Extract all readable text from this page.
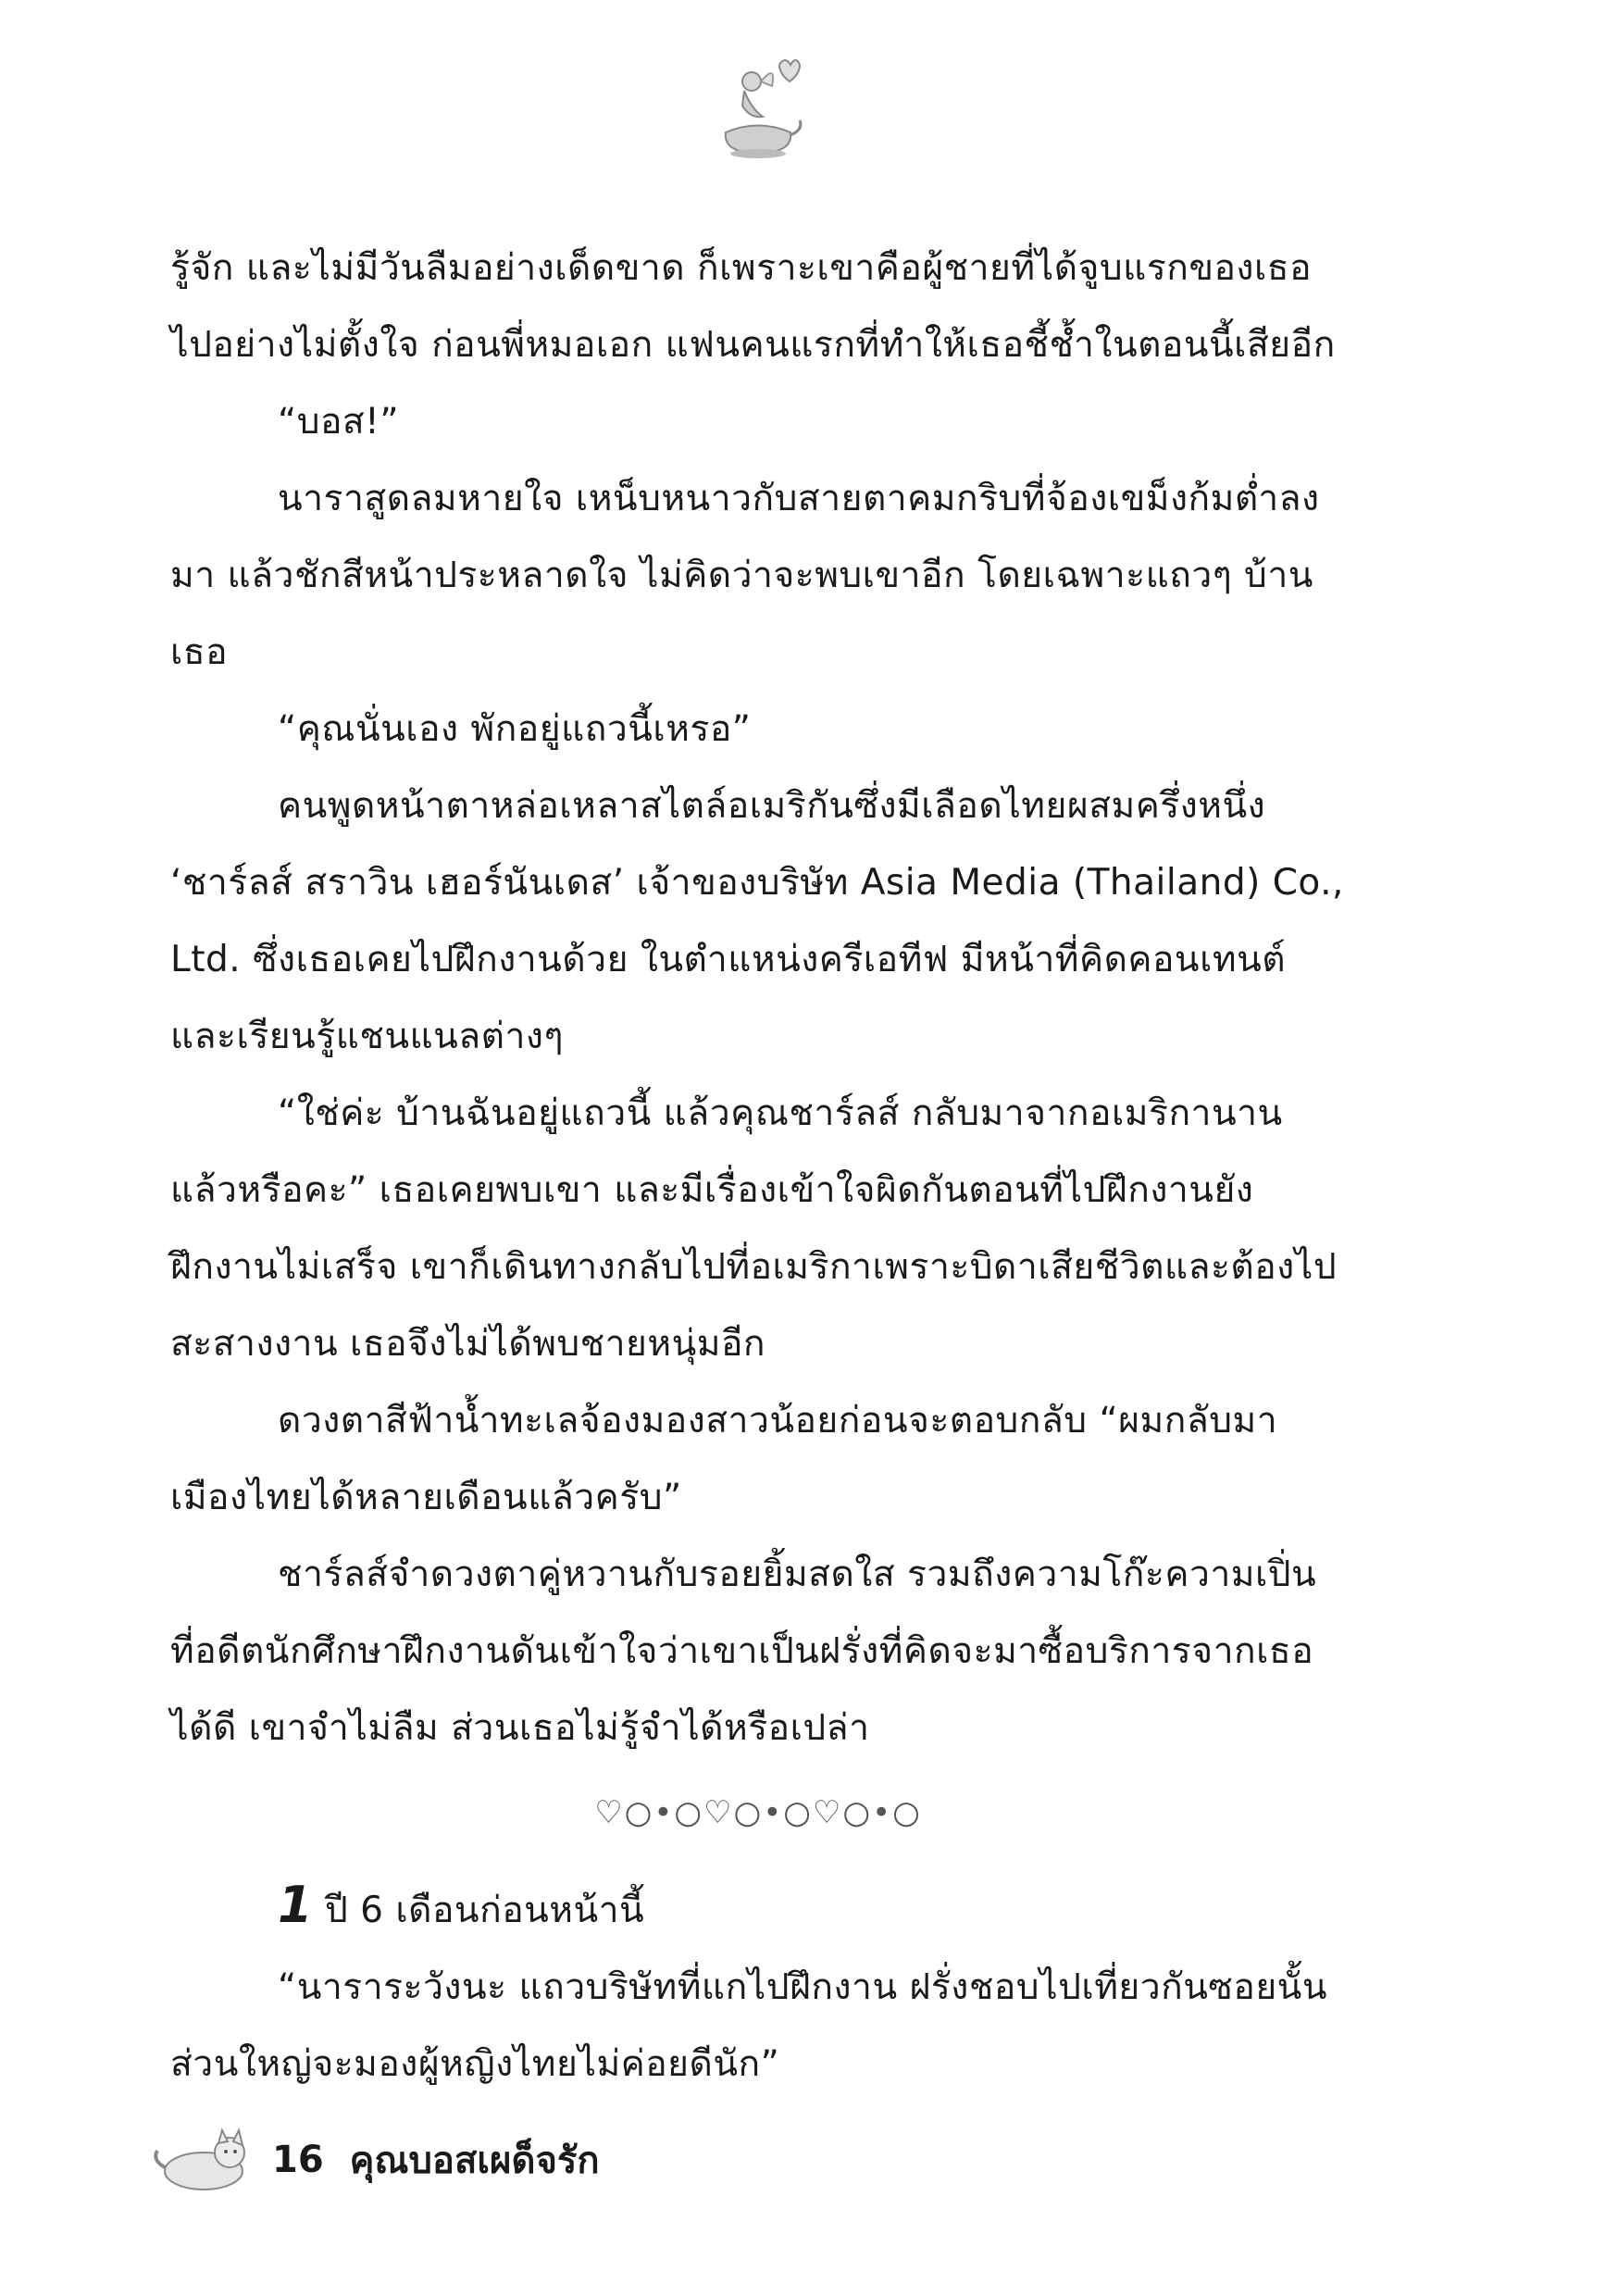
รู้จัก และไม่มีวันลืมอย่างเด็ดขาด ก็เพราะเขาคือผู้ชายที่ได้จูบแรกของเธอไปอย่างไม่ตั้งใจ ก่อนพี่หมอเอก แฟนคนแรกที่ทำให้เธอชี้ช้ำในตอนนี้เสียอีก

“บอส!”

นาราสูดลมหายใจ เหน็บหนาวกับสายตาคมกริบที่จ้องเขม็งก้มต่ำลงมา แล้วชักสีหน้าประหลาดใจ ไม่คิดว่าจะพบเขาอีก โดยเฉพาะแถวๆ บ้านเธอ

“คุณนั่นเอง พักอยู่แถวนี้เหรอ”

คนพูดหน้าตาหล่อเหลาสไตล์อเมริกันซึ่งมีเลือดไทยผสมครึ่งหนึ่ง ‘ชาร์ลส์ สราวิน เฮอร์นันเดส’ เจ้าของบริษัท Asia Media (Thailand) Co., Ltd. ซึ่งเธอเคยไปฝึกงานด้วย ในตำแหน่งครีเอทีฟ มีหน้าที่คิดคอนเทนต์และเรียนรู้แชนแนลต่างๆ

“ใช่ค่ะ บ้านฉันอยู่แถวนี้ แล้วคุณชาร์ลส์ กลับมาจากอเมริกานานแล้วหรือคะ” เธอเคยพบเขา และมีเรื่องเข้าใจผิดกันตอนที่ไปฝึกงานยังฝึกงานไม่เสร็จ เขาก็เดินทางกลับไปที่อเมริกาเพราะบิดาเสียชีวิตและต้องไปสะสางงาน เธอจึงไม่ได้พบชายหนุ่มอีก

ดวงตาสีฟ้าน้ำทะเลจ้องมองสาวน้อยก่อนจะตอบกลับ “ผมกลับมาเมืองไทยได้หลายเดือนแล้วครับ”

ชาร์ลส์จำดวงตาคู่หวานกับรอยยิ้มสดใส รวมถึงความโก๊ะความเปิ่น ที่อดีตนักศึกษาฝึกงานดันเข้าใจว่าเขาเป็นฝรั่งที่คิดจะมาซื้อบริการจากเธอได้ดี เขาจำไม่ลืม ส่วนเธอไม่รู้จำได้หรือเปล่า

♡○•○♡○•○♡○•○

1 ปี 6 เดือนก่อนหน้านี้

“นาราระวังนะ แถวบริษัทที่แกไปฝึกงาน ฝรั่งชอบไปเที่ยวกันซอยนั้น ส่วนใหญ่จะมองผู้หญิงไทยไม่ค่อยดีนัก”

16 คุณบอสเผด็จรัก
